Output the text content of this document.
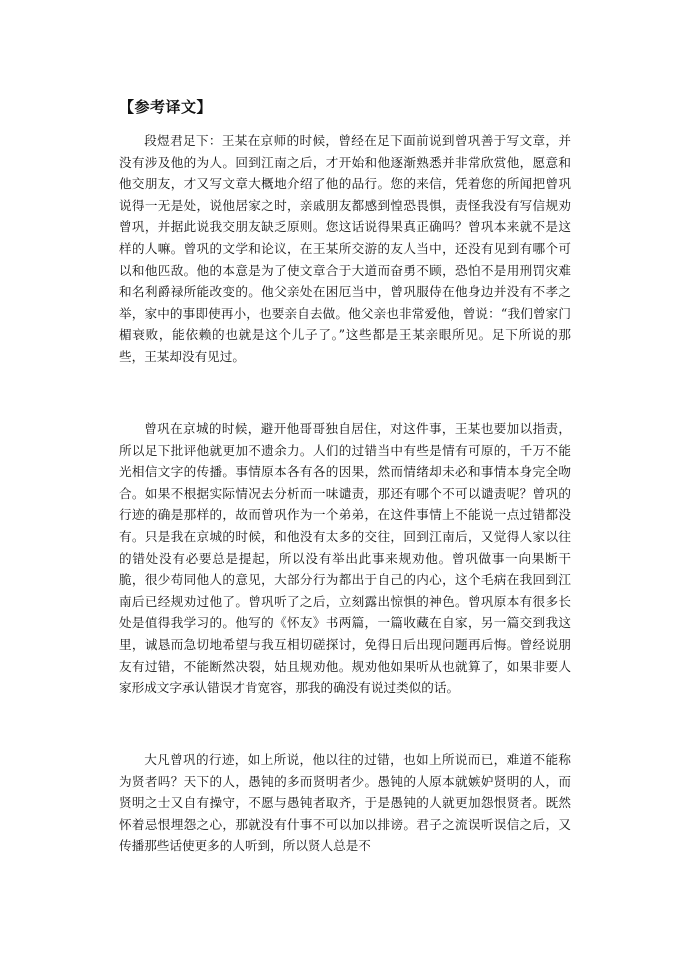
【参考译文】

段煜君足下：王某在京师的时候，曾经在足下面前说到曾巩善于写文章，并没有涉及他的为人。回到江南之后，才开始和他逐渐熟悉并非常欣赏他，愿意和他交朋友，才又写文章大概地介绍了他的品行。您的来信，凭着您的所闻把曾巩说得一无是处，说他居家之时，亲戚朋友都感到惶恐畏惧，责怪我没有写信规劝曾巩，并据此说我交朋友缺乏原则。您这话说得果真正确吗？曾巩本来就不是这样的人嘛。曾巩的文学和论议，在王某所交游的友人当中，还没有见到有哪个可以和他匹敌。他的本意是为了使文章合于大道而奋勇不顾，恐怕不是用刑罚灾难和名利爵禄所能改变的。他父亲处在困厄当中，曾巩服侍在他身边并没有不孝之举，家中的事即使再小，也要亲自去做。他父亲也非常爱他，曾说：“我们曾家门楣衰败，能依赖的也就是这个儿子了。”这些都是王某亲眼所见。足下所说的那些，王某却没有见过。

曾巩在京城的时候，避开他哥哥独自居住，对这件事，王某也要加以指责，所以足下批评他就更加不遗余力。人们的过错当中有些是情有可原的，千万不能光相信文字的传播。事情原本各有各的因果，然而情绪却未必和事情本身完全吻合。如果不根据实际情况去分析而一味谴责，那还有哪个不可以谴责呢？曾巩的行迹的确是那样的，故而曾巩作为一个弟弟，在这件事情上不能说一点过错都没有。只是我在京城的时候，和他没有太多的交往，回到江南后，又觉得人家以往的错处没有必要总是提起，所以没有举出此事来规劝他。曾巩做事一向果断干脆，很少苟同他人的意见，大部分行为都出于自己的内心，这个毛病在我回到江南后已经规劝过他了。曾巩听了之后，立刻露出惊惧的神色。曾巩原本有很多长处是值得我学习的。他写的《怀友》书两篇，一篇收藏在自家，另一篇交到我这里，诚恳而急切地希望与我互相切磋探讨，免得日后出现问题再后悔。曾经说朋友有过错，不能断然决裂，姑且规劝他。规劝他如果听从也就算了，如果非要人家形成文字承认错误才肯宽容，那我的确没有说过类似的话。

大凡曾巩的行迹，如上所说，他以往的过错，也如上所说而已，难道不能称为贤者吗？天下的人，愚钝的多而贤明者少。愚钝的人原本就嫉妒贤明的人，而贤明之士又自有操守，不愿与愚钝者取齐，于是愚钝的人就更加怨恨贤者。既然怀着忌恨埋怨之心，那就没有什事不可以加以排谤。君子之流误听误信之后，又传播那些话使更多的人听到，所以贤人总是不
